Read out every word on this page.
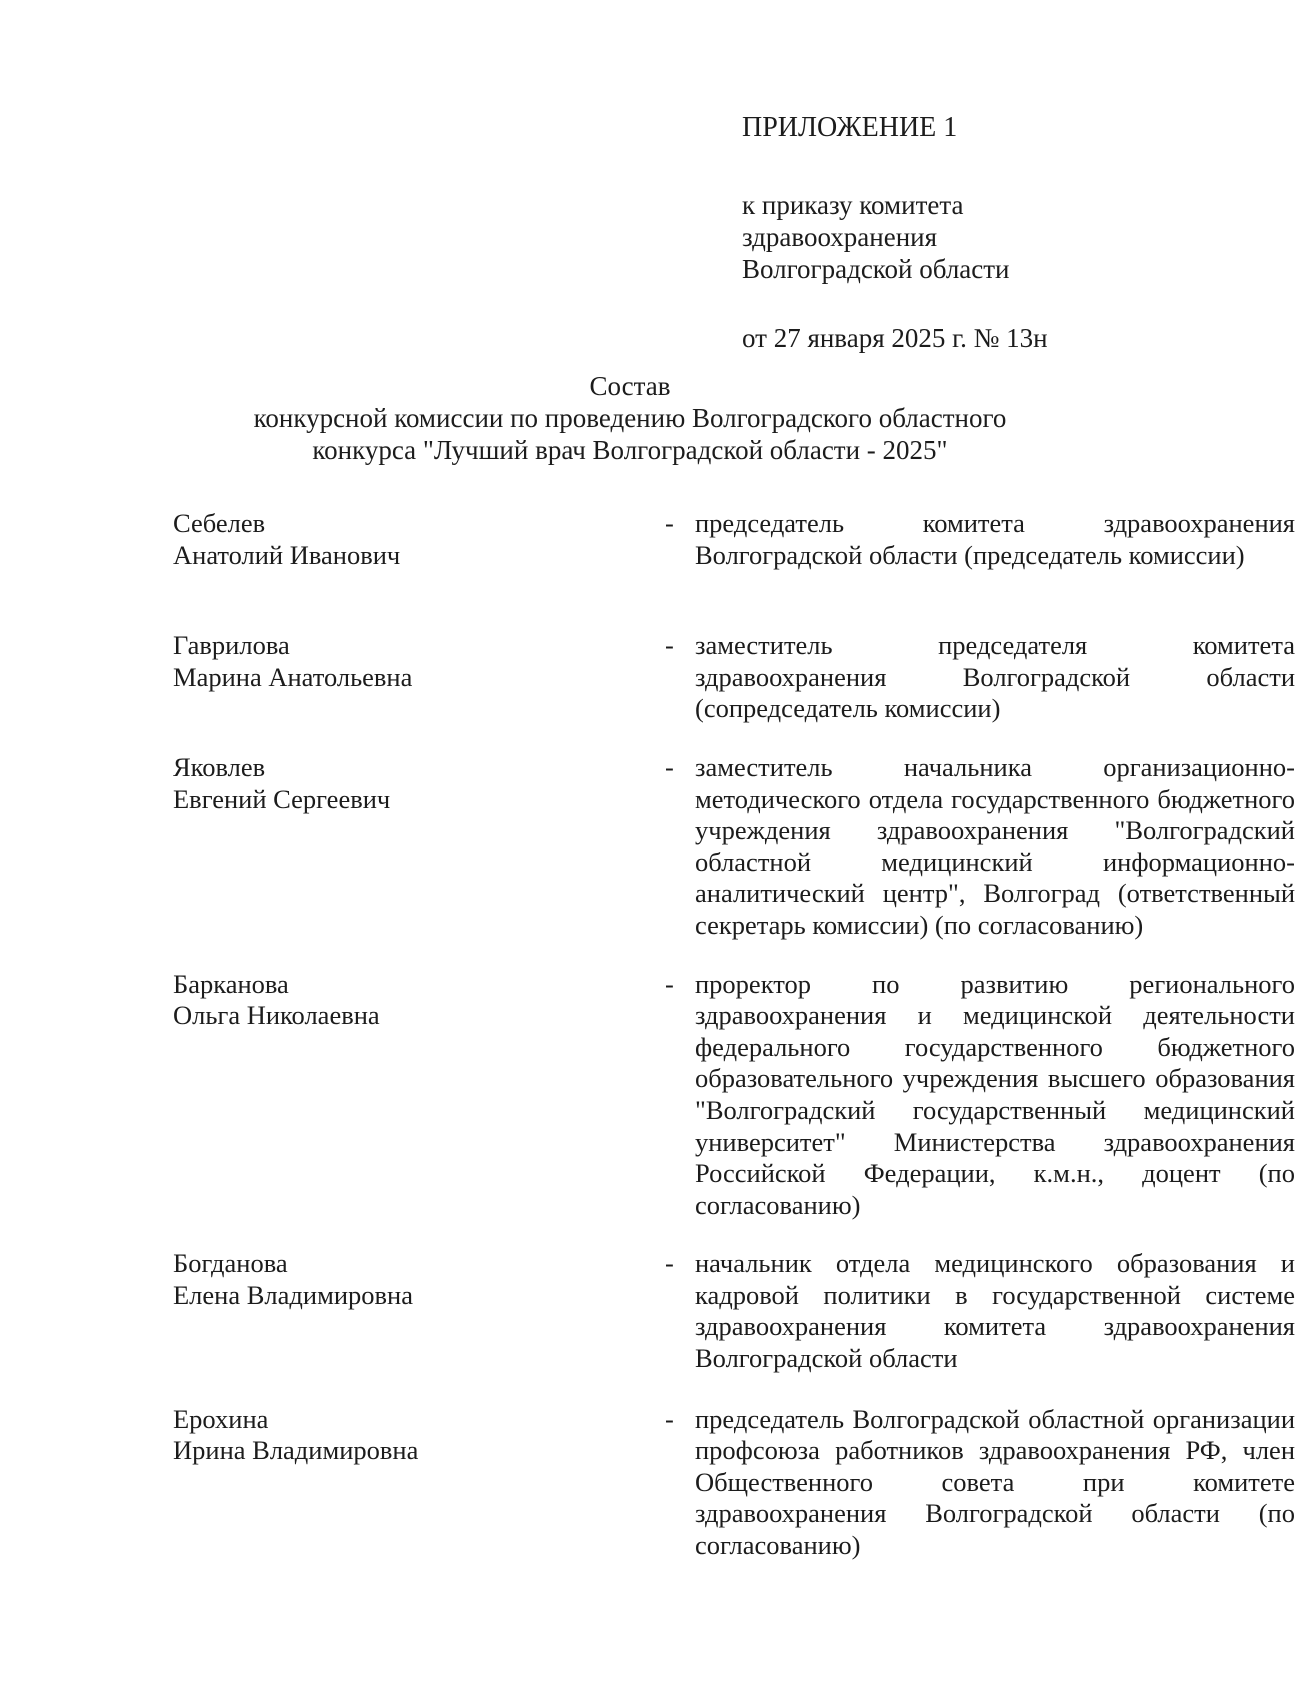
ПРИЛОЖЕНИЕ 1
к приказу комитета
здравоохранения
Волгоградской области
от 27 января 2025 г. № 13н
Состав
конкурсной комиссии по проведению Волгоградского областного
конкурса "Лучший врач Волгоградской области - 2025"
Себелев
Анатолий Иванович
- председатель комитета здравоохранения Волгоградской области (председатель комиссии)
Гаврилова
Марина Анатольевна
- заместитель председателя комитета здравоохранения Волгоградской области (сопредседатель комиссии)
Яковлев
Евгений Сергеевич
- заместитель начальника организационно-методического отдела государственного бюджетного учреждения здравоохранения "Волгоградский областной медицинский информационно-аналитический центр", Волгоград (ответственный секретарь комиссии) (по согласованию)
Барканова
Ольга Николаевна
- проректор по развитию регионального здравоохранения и медицинской деятельности федерального государственного бюджетного образовательного учреждения высшего образования "Волгоградский государственный медицинский университет" Министерства здравоохранения Российской Федерации, к.м.н., доцент (по согласованию)
Богданова
Елена Владимировна
- начальник отдела медицинского образования и кадровой политики в государственной системе здравоохранения комитета здравоохранения Волгоградской области
Ерохина
Ирина Владимировна
- председатель Волгоградской областной организации профсоюза работников здравоохранения РФ, член Общественного совета при комитете здравоохранения Волгоградской области (по согласованию)
